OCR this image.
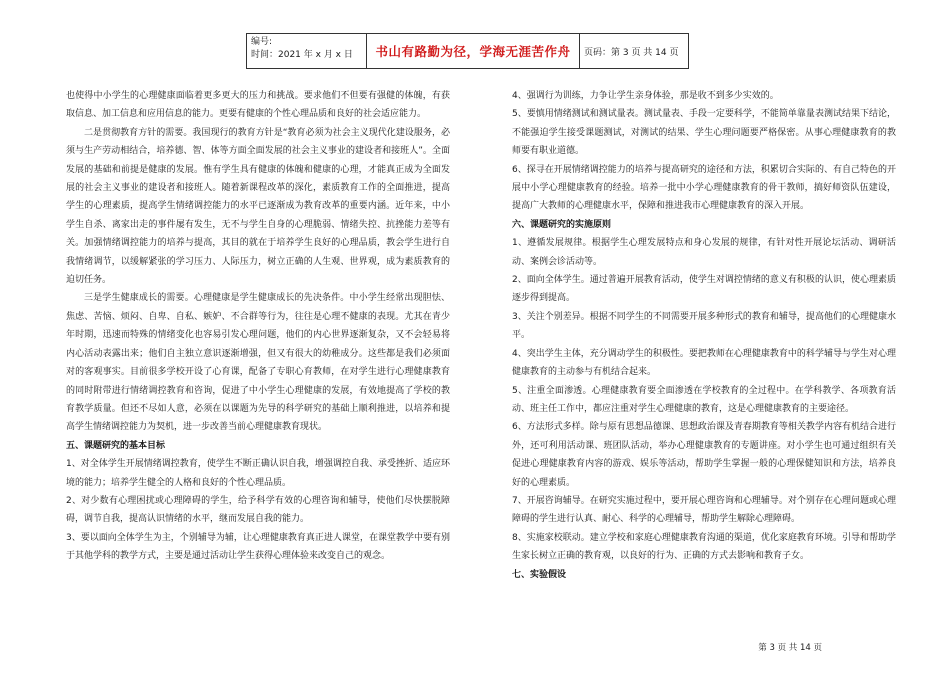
编号:
时间：2021 年 x 月 x 日	书山有路勤为径，学海无涯苦作舟	页码：第 3 页 共 14 页

也使得中小学生的心理健康面临着更多更大的压力和挑战。要求他们不但要有强健的体魄，有获取信息、加工信息和应用信息的能力。更要有健康的个性心理品质和良好的社会适应能力。

二是贯彻教育方针的需要。我国现行的教育方针是“教育必须为社会主义现代化建设服务，必须与生产劳动相结合，培养德、智、体等方面全面发展的社会主义事业的建设者和接班人”。全面发展的基础和前提是健康的发展。惟有学生具有健康的体魄和健康的心理，才能真正成为全面发展的社会主义事业的建设者和接班人。随着新课程改革的深化，素质教育工作的全面推进，提高学生的心理素质，提高学生情绪调控能力的水平已逐渐成为教育改革的重要内涵。近年来，中小学生自杀、离家出走的事件屡有发生，无不与学生自身的心理脆弱、情绪失控、抗挫能力差等有关。加强情绪调控能力的培养与提高，其目的就在于培养学生良好的心理品质，教会学生进行自我情绪调节，以缓解紧张的学习压力、人际压力，树立正确的人生观、世界观，成为素质教育的迫切任务。

三是学生健康成长的需要。心理健康是学生健康成长的先决条件。中小学生经常出现胆怯、焦虑、苦恼、烦闷、自卑、自私、嫉妒、不合群等行为，往往是心理不健康的表现。尤其在青少年时期，迅速而特殊的情绪变化也容易引发心理问题，他们的内心世界逐渐复杂，又不会轻易将内心活动表露出来；他们自主独立意识逐渐增强，但又有很大的幼稚成分。这些都是我们必须面对的客观事实。目前很多学校开设了心育课，配备了专职心育教师，在对学生进行心理健康教育的同时附带进行情绪调控教育和咨询，促进了中小学生心理健康的发展，有效地提高了学校的教育教学质量。但还不尽如人意，必须在以课题为先导的科学研究的基础上顺利推进，以培养和提高学生情绪调控能力为契机，进一步改善当前心理健康教育现状。

五、课题研究的基本目标

1、对全体学生开展情绪调控教育，使学生不断正确认识自我，增强调控自我、承受挫折、适应环境的能力；培养学生健全的人格和良好的个性心理品质。

2、对少数有心理困扰或心理障碍的学生，给予科学有效的心理咨询和辅导，使他们尽快摆脱障碍，调节自我，提高认识情绪的水平，继而发展自我的能力。

3、要以面向全体学生为主，个别辅导为辅，让心理健康教育真正进人课堂，在课堂教学中要有别于其他学科的教学方式，主要是通过活动让学生获得心理体验来改变自己的观念。

4、强调行为训练，力争让学生亲身体验，那是收不到多少实效的。

5、要慎用情绪测试和测试量表。测试量表、手段一定要科学，不能简单靠量表测试结果下结论，不能强迫学生接受课题测试，对测试的结果、学生心理问题要严格保密。从事心理健康教育的教师要有职业道德。

6、探寻在开展情绪调控能力的培养与提高研究的途径和方法，积累切合实际的、有自己特色的开展中小学心理健康教育的经验。培养一批中小学心理健康教育的骨干教师，搞好师资队伍建设，提高广大教师的心理健康水平，保障和推进我市心理健康教育的深入开展。

六、课题研究的实施原则

1、遵循发展规律。根据学生心理发展特点和身心发展的规律，有针对性开展论坛活动、调研活动、案例会诊活动等。

2、面向全体学生。通过普遍开展教育活动，使学生对调控情绪的意义有积极的认识，使心理素质逐步得到提高。

3、关注个别差异。根据不同学生的不同需要开展多种形式的教育和辅导，提高他们的心理健康水平。

4、突出学生主体，充分调动学生的积极性。要把教师在心理健康教育中的科学辅导与学生对心理健康教育的主动参与有机结合起来。

5、注重全面渗透。心理健康教育要全面渗透在学校教育的全过程中。在学科教学、各项教育活动、班主任工作中，都应注重对学生心理健康的教育，这是心理健康教育的主要途径。

6、方法形式多样。除与原有思想品德课、思想政治课及青春期教育等相关教学内容有机结合进行外，还可利用活动课、班团队活动，举办心理健康教育的专题讲座。对小学生也可通过组织有关促进心理健康教育内容的游戏、娱乐等活动，帮助学生掌握一般的心理保健知识和方法，培养良好的心理素质。

7、开展咨询辅导。在研究实施过程中，要开展心理咨询和心理辅导。对个别存在心理问题或心理障碍的学生进行认真、耐心、科学的心理辅导，帮助学生解除心理障碍。

8、实施家校联动。建立学校和家庭心理健康教育沟通的渠道，优化家庭教育环境。引导和帮助学生家长树立正确的教育观，以良好的行为、正确的方式去影响和教育子女。

七、实验假设
第 3 页 共 14 页
